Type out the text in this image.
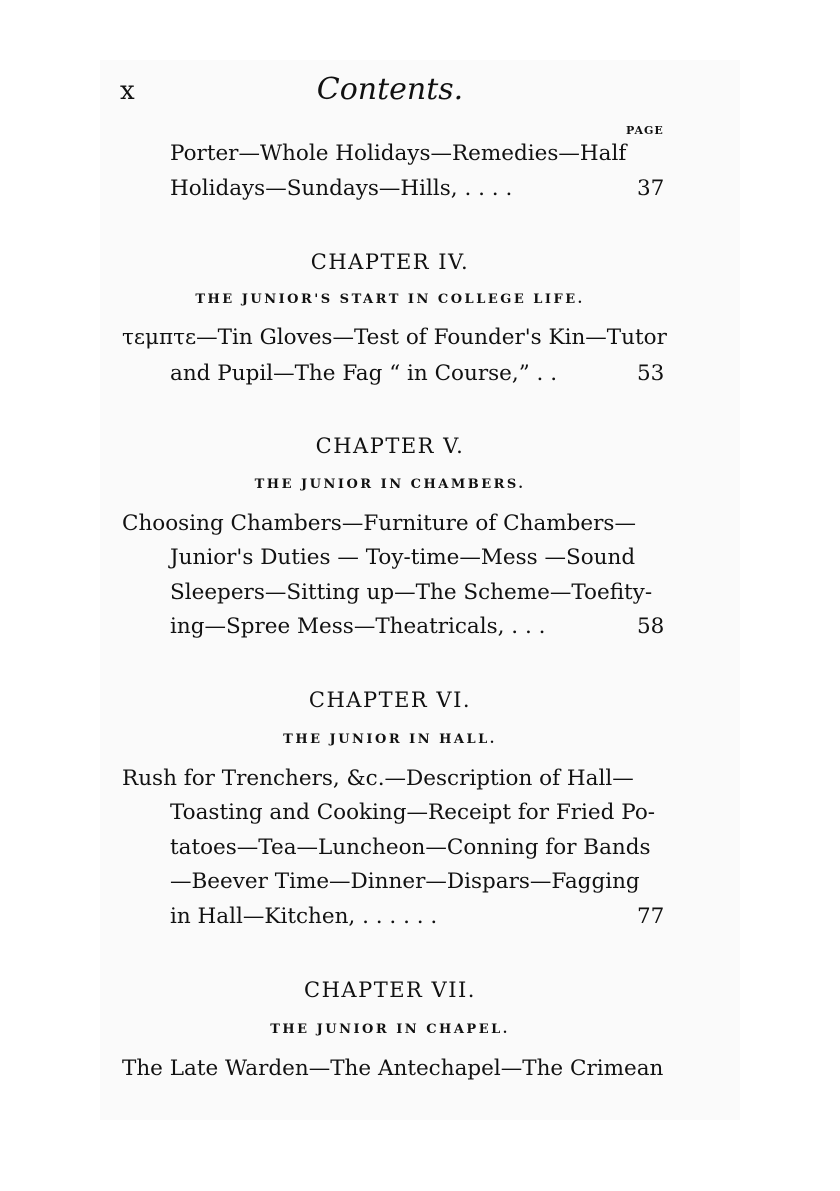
x	Contents.
PAGE
Porter—Whole Holidays—Remedies—Half
Holidays—Sundays—Hills, . . . .	37
CHAPTER IV.
THE JUNIOR'S START IN COLLEGE LIFE.
τεμπτε—Tin Gloves—Test of Founder's Kin—Tutor
and Pupil—The Fag “ in Course,” . .	53
CHAPTER V.
THE JUNIOR IN CHAMBERS.
Choosing Chambers—Furniture of Chambers—
Junior's Duties — Toy-time—Mess —Sound
Sleepers—Sitting up—The Scheme—Toefity-
ing—Spree Mess—Theatricals, . . .	58
CHAPTER VI.
THE JUNIOR IN HALL.
Rush for Trenchers, &c.—Description of Hall—
Toasting and Cooking—Receipt for Fried Po-
tatoes—Tea—Luncheon—Conning for Bands
—Beever Time—Dinner—Dispars—Fagging
in Hall—Kitchen, . . . . . .	77
CHAPTER VII.
THE JUNIOR IN CHAPEL.
The Late Warden—The Antechapel—The Crimean
